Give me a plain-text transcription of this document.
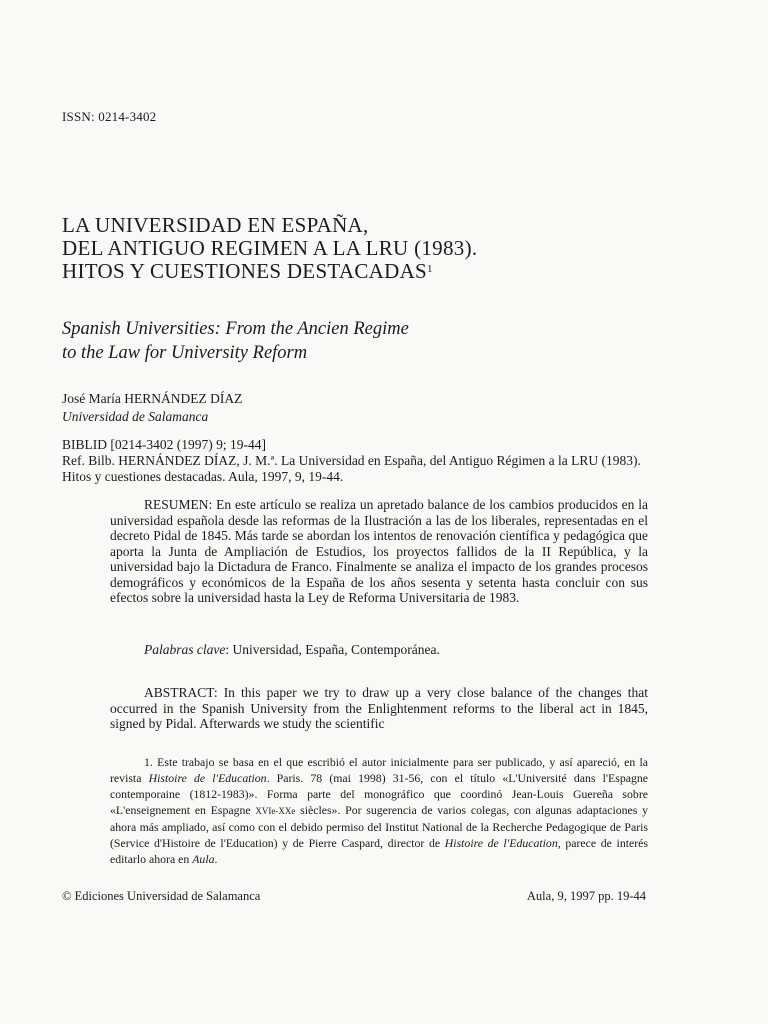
ISSN: 0214-3402
LA UNIVERSIDAD EN ESPAÑA,
DEL ANTIGUO REGIMEN A LA LRU (1983).
HITOS Y CUESTIONES DESTACADAS$^1$
Spanish Universities: From the Ancien Regime
to the Law for University Reform
José María HERNÁNDEZ DÍAZ
Universidad de Salamanca
BIBLID [0214-3402 (1997) 9; 19-44]
Ref. Bilb. HERNÁNDEZ DÍAZ, J. M.ª. La Universidad en España, del Antiguo Régimen a la LRU (1983). Hitos y cuestiones destacadas. Aula, 1997, 9, 19-44.

RESUMEN: En este artículo se realiza un apretado balance de los cambios producidos en la universidad española desde las reformas de la Ilustración a las de los liberales, representadas en el decreto Pidal de 1845. Más tarde se abordan los intentos de renovación científica y pedagógica que aporta la Junta de Ampliación de Estudios, los proyectos fallidos de la II República, y la universidad bajo la Dictadura de Franco. Finalmente se analiza el impacto de los grandes procesos demográficos y económicos de la España de los años sesenta y setenta hasta concluir con sus efectos sobre la universidad hasta la Ley de Reforma Universitaria de 1983.

Palabras clave: Universidad, España, Contemporánea.

ABSTRACT: In this paper we try to draw up a very close balance of the changes that occurred in the Spanish University from the Enlightenment reforms to the liberal act in 1845, signed by Pidal. Afterwards we study the scientific

1. Este trabajo se basa en el que escribió el autor inicialmente para ser publicado, y así apareció, en la revista Histoire de l'Education. Paris. 78 (mai 1998) 31-56, con el título «L'Université dans l'Espagne contemporaine (1812-1983)». Forma parte del monográfico que coordinó Jean-Louis Guereña sobre «L'enseignement en Espagne XVIe-XXe siècles». Por sugerencia de varios colegas, con algunas adaptaciones y ahora más ampliado, así como con el debido permiso del Institut National de la Recherche Pedagogique de Paris (Service d'Histoire de l'Education) y de Pierre Caspard, director de Histoire de l'Education, parece de interés editarlo ahora en Aula.

© Ediciones Universidad de Salamanca	Aula, 9, 1997 pp. 19-44
